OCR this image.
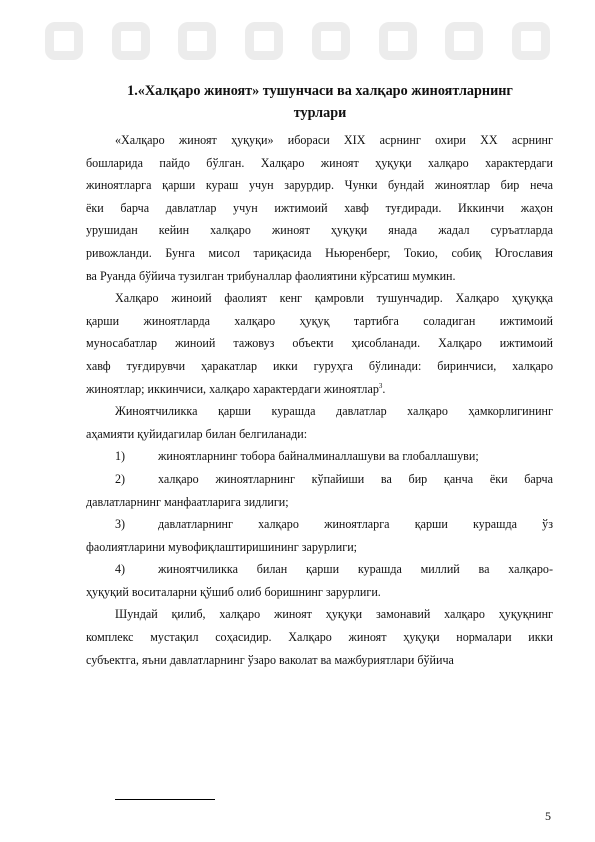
1.«Халқаро жиноят» тушунчаси ва халқаро жиноятларнинг
турлари
«Халқаро жиноят ҳуқуқи» ибораси XIX асрнинг охири XX асрнинг
бошларида пайдо бўлган. Халқаро жиноят ҳуқуқи халқаро характердаги
жиноятларга қарши кураш учун зарурдир. Чунки бундай жиноятлар бир неча
ёки барча давлатлар учун ижтимоий хавф туғдиради. Иккинчи жаҳон
урушидан кейин халқаро жиноят ҳуқуқи янада жадал суръатларда
ривожланди. Бунга мисол тариқасида Ньюренберг, Токио, собиқ Югославия
ва Руанда бўйича тузилган трибуналлар фаолиятини кўрсатиш мумкин.
Халқаро жиноий фаолият кенг қамровли тушунчадир. Халқаро ҳуқуққа
қарши жиноятларда халқаро ҳуқуқ тартибга соладиган ижтимоий
муносабатлар жиноий тажовуз объекти ҳисобланади. Халқаро ижтимоий
хавф туғдирувчи ҳаракатлар икки гуруҳга бўлинади: биринчиси, халқаро
жиноятлар; иккинчиси, халқаро характердаги жиноятлар$^3$.
Жиноятчиликка қарши курашда давлатлар халқаро ҳамкорлигининг
аҳамияти қуйидагилар билан белгиланади:
1)	жиноятларнинг тобора байналминаллашуви ва глобаллашуви;
2)	халқаро жиноятларнинг кўпайиши ва бир қанча ёки барча
давлатларнинг манфаатларига зидлиги;
3)	давлатларнинг халқаро жиноятларга қарши курашда ўз
фаолиятларини мувофиқлаштиришининг зарурлиги;
4)	жиноятчиликка билан қарши курашда миллий ва халқаро-
ҳуқуқий воситаларни қўшиб олиб боришнинг зарурлиги.
Шундай қилиб, халқаро жиноят ҳуқуқи замонавий халқаро ҳуқуқнинг
комплекс мустақил соҳасидир. Халқаро жиноят ҳуқуқи нормалари икки
субъектга, яъни давлатларнинг ўзаро ваколат ва мажбуриятлари бўйича
5
